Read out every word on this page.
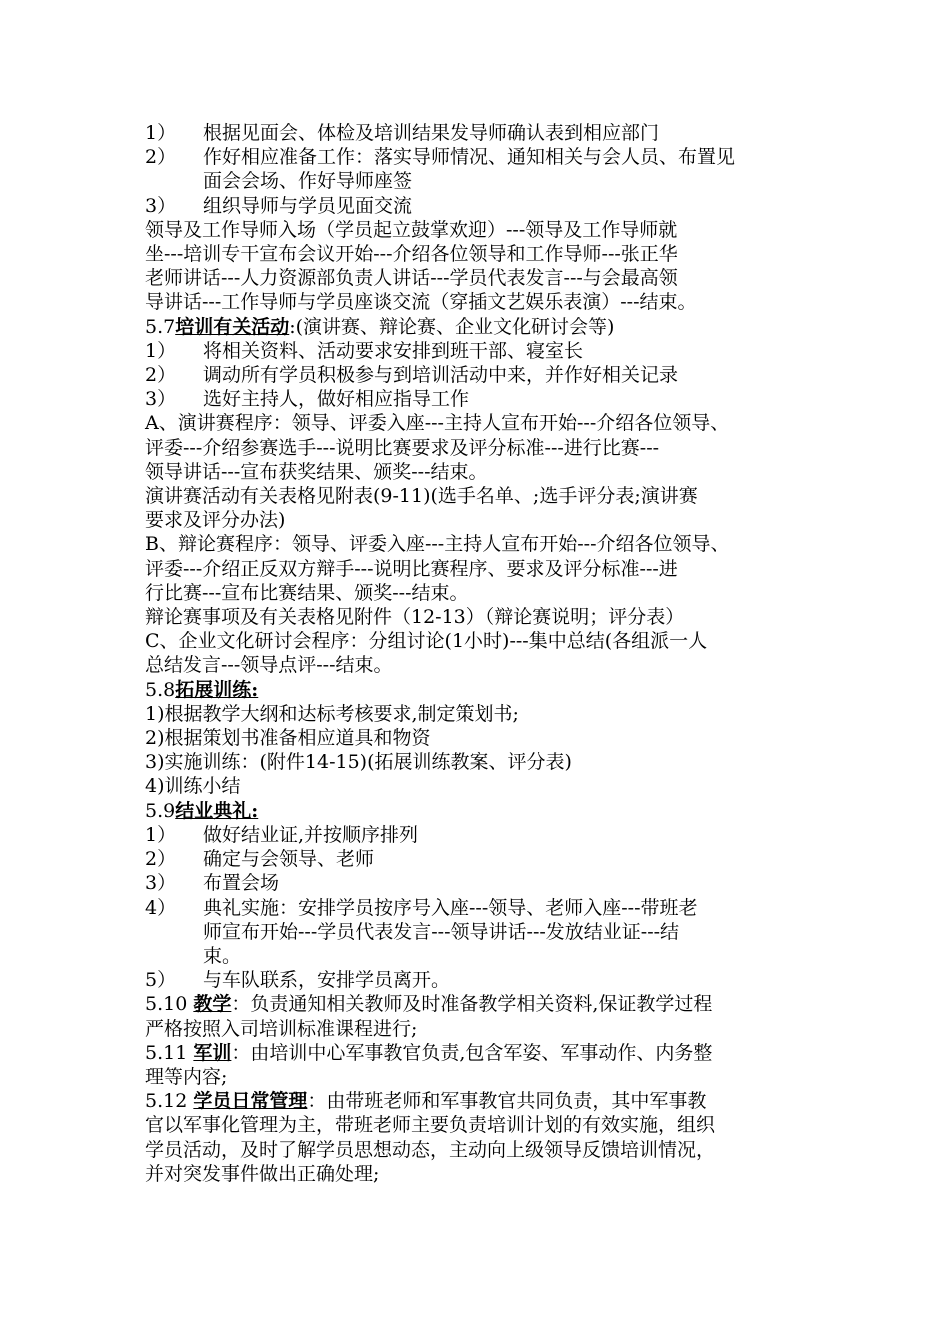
1） 根据见面会、体检及培训结果发导师确认表到相应部门
2） 作好相应准备工作：落实导师情况、通知相关与会人员、布置见
面会会场、作好导师座签
3） 组织导师与学员见面交流
领导及工作导师入场（学员起立鼓掌欢迎）---领导及工作导师就
坐---培训专干宣布会议开始---介绍各位领导和工作导师---张正华
老师讲话---人力资源部负责人讲话---学员代表发言---与会最高领
导讲话---工作导师与学员座谈交流（穿插文艺娱乐表演）---结束。
5.7培训有关活动:(演讲赛、辩论赛、企业文化研讨会等)
1） 将相关资料、活动要求安排到班干部、寝室长
2） 调动所有学员积极参与到培训活动中来，并作好相关记录
3） 选好主持人，做好相应指导工作
A、演讲赛程序：领导、评委入座---主持人宣布开始---介绍各位领导、
评委---介绍参赛选手---说明比赛要求及评分标准---进行比赛---
领导讲话---宣布获奖结果、颁奖---结束。
演讲赛活动有关表格见附表(9-11)(选手名单、;选手评分表;演讲赛
要求及评分办法)
B、辩论赛程序：领导、评委入座---主持人宣布开始---介绍各位领导、
评委---介绍正反双方辩手---说明比赛程序、要求及评分标准---进
行比赛---宣布比赛结果、颁奖---结束。
辩论赛事项及有关表格见附件（12-13）（辩论赛说明；评分表）
C、企业文化研讨会程序：分组讨论(1小时)---集中总结(各组派一人
总结发言---领导点评---结束。
5.8拓展训练:
1)根据教学大纲和达标考核要求,制定策划书;
2)根据策划书准备相应道具和物资
3)实施训练：(附件14-15)(拓展训练教案、评分表)
4)训练小结
5.9结业典礼:
1） 做好结业证,并按顺序排列
2） 确定与会领导、老师
3） 布置会场
4） 典礼实施：安排学员按序号入座---领导、老师入座---带班老
师宣布开始---学员代表发言---领导讲话---发放结业证---结
束。
5） 与车队联系，安排学员离开。
5.10 教学：负责通知相关教师及时准备教学相关资料,保证教学过程
严格按照入司培训标准课程进行;
5.11 军训：由培训中心军事教官负责,包含军姿、军事动作、内务整
理等内容;
5.12 学员日常管理：由带班老师和军事教官共同负责，其中军事教
官以军事化管理为主，带班老师主要负责培训计划的有效实施，组织
学员活动，及时了解学员思想动态，主动向上级领导反馈培训情况，
并对突发事件做出正确处理;
